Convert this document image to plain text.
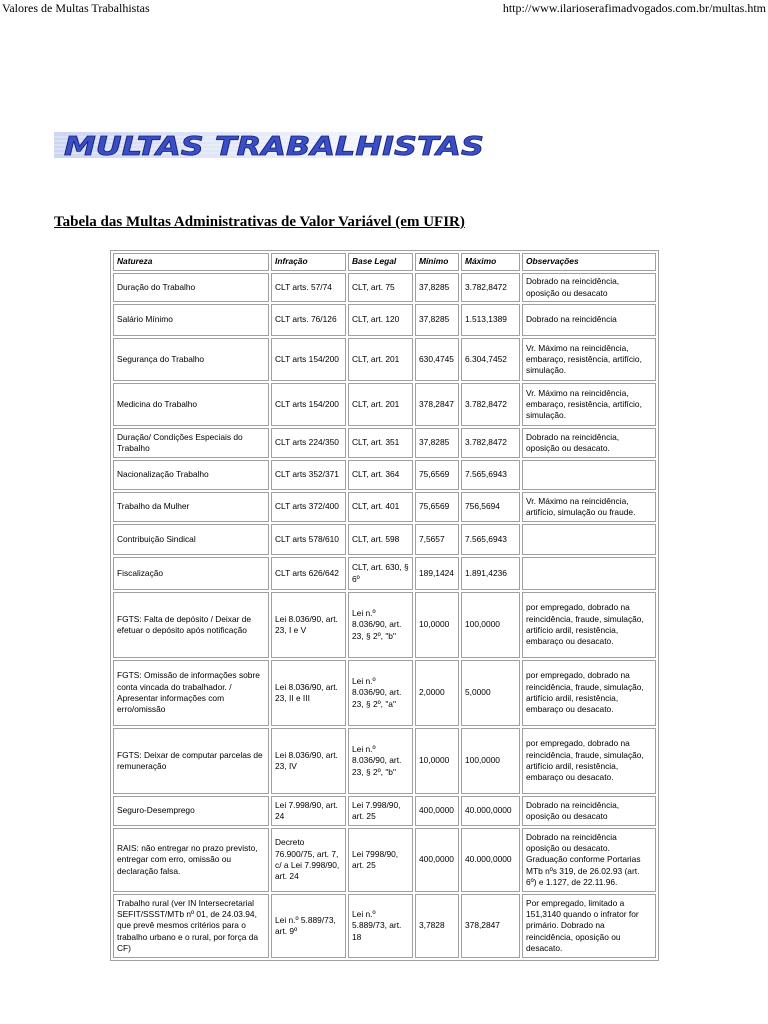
Valores de Multas Trabalhistas	http://www.ilarioserafimadvogados.com.br/multas.htm
MULTAS TRABALHISTAS
Tabela das Multas Administrativas de Valor Variável (em UFIR)
Natureza	Infração	Base Legal	Mínimo	Máximo	Observações
Duração do Trabalho	CLT arts. 57/74	CLT, art. 75	37,8285	3.782,8472	Dobrado na reincidência, oposição ou desacato
Salário Mínimo	CLT arts. 76/126	CLT, art. 120	37,8285	1.513,1389	Dobrado na reincidência
Segurança do Trabalho	CLT arts 154/200	CLT, art. 201	630,4745	6.304,7452	Vr. Máximo na reincidência, embaraço, resistência, artifício, simulação.
Medicina do Trabalho	CLT arts 154/200	CLT, art. 201	378,2847	3.782,8472	Vr. Máximo na reincidência, embaraço, resistência, artifício, simulação.
Duração/ Condições Especiais do Trabalho	CLT arts 224/350	CLT, art. 351	37,8285	3.782,8472	Dobrado na reincidência, oposição ou desacato.
Nacionalização Trabalho	CLT arts 352/371	CLT, art. 364	75,6569	7.565,6943	
Trabalho da Mulher	CLT arts 372/400	CLT, art. 401	75,6569	756,5694	Vr. Máximo na reincidência, artifício, simulação ou fraude.
Contribuição Sindical	CLT arts 578/610	CLT, art. 598	7,5657	7.565,6943	
Fiscalização	CLT arts 626/642	CLT, art. 630, § 6º	189,1424	1.891,4236	
FGTS: Falta de depósito / Deixar de efetuar o depósito após notificação	Lei 8.036/90, art. 23, I e V	Lei n.º 8.036/90, art. 23, § 2º, "b"	10,0000	100,0000	por empregado, dobrado na reincidência, fraude, simulação, artifício ardil, resistência, embaraço ou desacato.
FGTS: Omissão de informações sobre conta vincada do trabalhador. / Apresentar informações com erro/omissão	Lei 8.036/90, art. 23, II e III	Lei n.º 8.036/90, art. 23, § 2º, "a"	2,0000	5,0000	por empregado, dobrado na reincidência, fraude, simulação, artifício ardil, resistência, embaraço ou desacato.
FGTS: Deixar de computar parcelas de remuneração	Lei 8.036/90, art. 23, IV	Lei n.º 8.036/90, art. 23, § 2º, "b"	10,0000	100,0000	por empregado, dobrado na reincidência, fraude, simulação, artifício ardil, resistência, embaraço ou desacato.
Seguro-Desemprego	Lei 7.998/90, art. 24	Lei 7.998/90, art. 25	400,0000	40.000,0000	Dobrado na reincidência, oposição ou desacato
RAIS: não entregar no prazo previsto, entregar com erro, omissão ou declaração falsa.	Decreto 76.900/75, art. 7, c/ a Lei 7.998/90, art. 24	Lei 7998/90, art. 25	400,0000	40.000,0000	Dobrado na reincidência oposição ou desacato. Graduação conforme Portarias MTb nºs 319, de 26.02.93 (art. 6º) e 1.127, de 22.11.96.
Trabalho rural (ver IN Intersecretarial SEFIT/SSST/MTb nº 01, de 24.03.94, que prevê mesmos critérios para o trabalho urbano e o rural, por força da CF)	Lei n.º 5.889/73, art. 9º	Lei n.º 5.889/73, art. 18	3,7828	378,2847	Por empregado, limitado a 151,3140 quando o infrator for primário. Dobrado na reincidência, oposição ou desacato.
